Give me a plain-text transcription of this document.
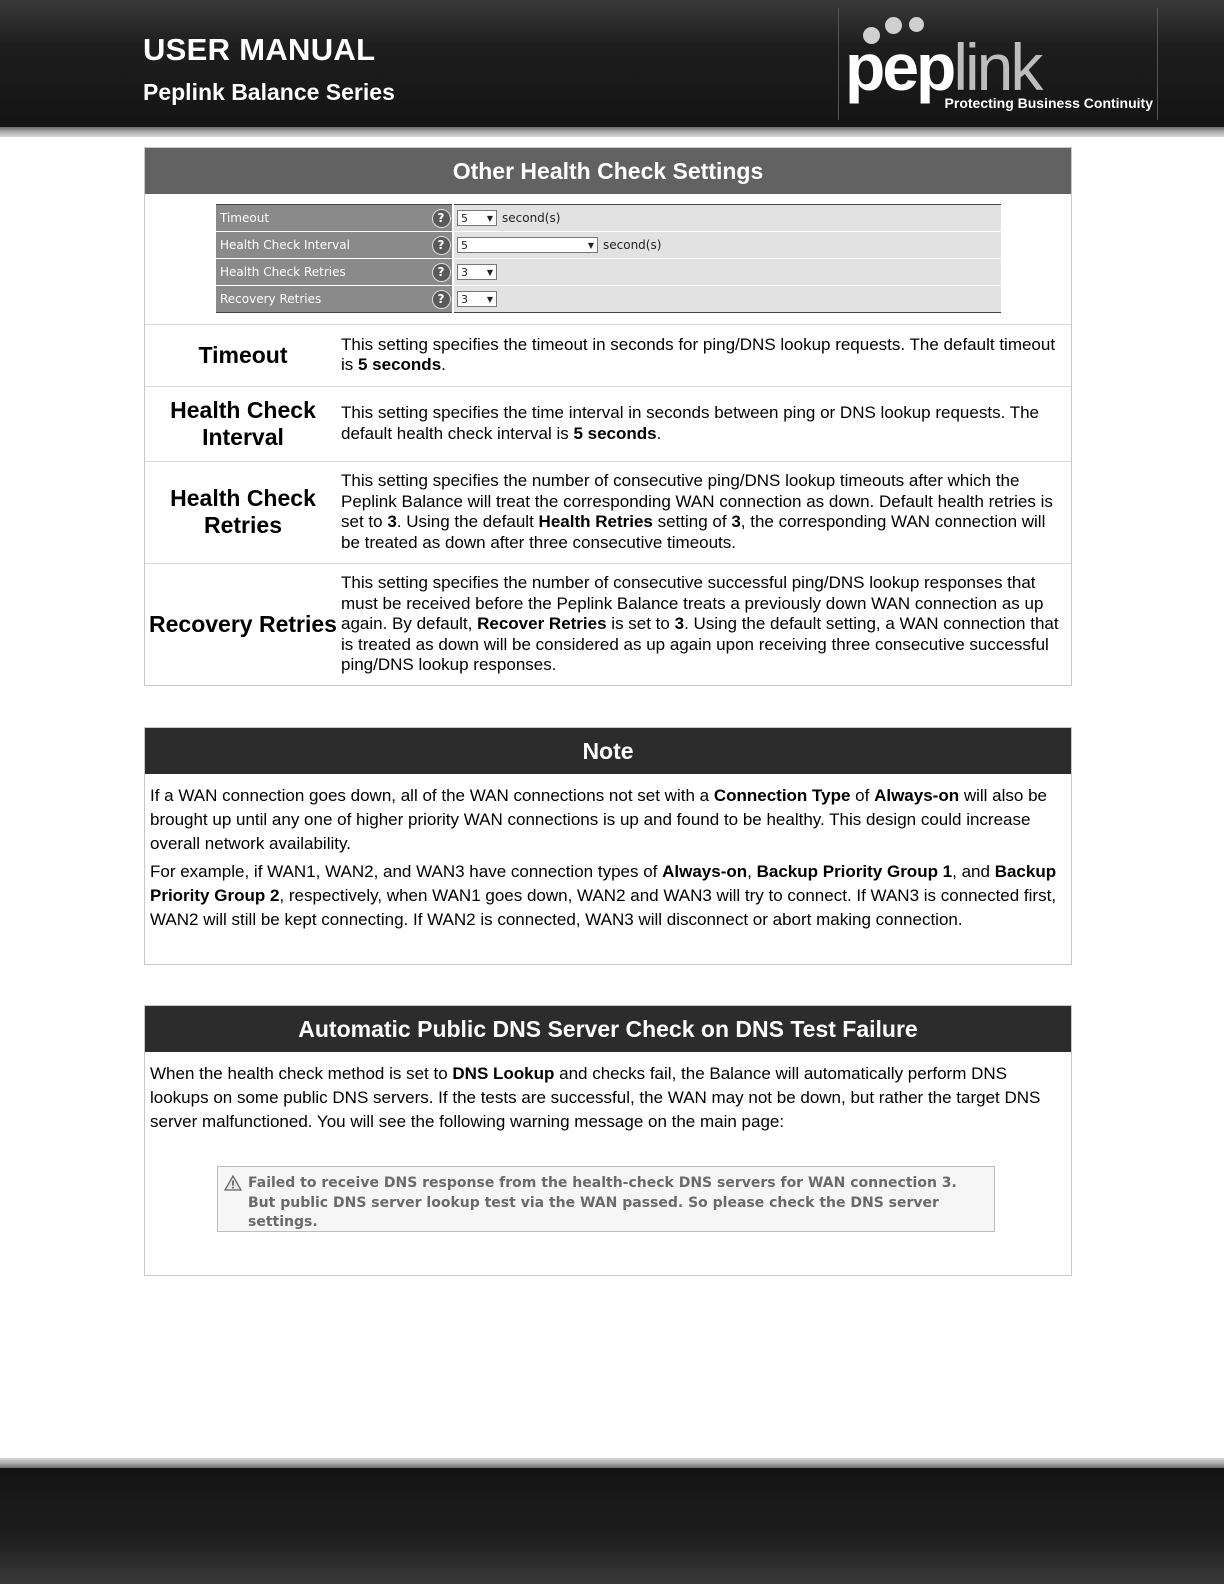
USER MANUAL
Peplink Balance Series	peplink
Protecting Business Continuity
Other Health Check Settings
Timeout	?	5 ▼ second(s)
Health Check Interval	?	5 ▼ second(s)
Health Check Retries	?	3 ▼

Recovery Retries	?	3 ▼
Timeout	This setting specifies the timeout in seconds for ping/DNS lookup requests. The default timeout is 5 seconds.
Health Check Interval	This setting specifies the time interval in seconds between ping or DNS lookup requests. The default health check interval is 5 seconds.
Health Check Retries	This setting specifies the number of consecutive ping/DNS lookup timeouts after which the Peplink Balance will treat the corresponding WAN connection as down. Default health retries is set to 3. Using the default Health Retries setting of 3, the corresponding WAN connection will be treated as down after three consecutive timeouts.
Recovery Retries	This setting specifies the number of consecutive successful ping/DNS lookup responses that must be received before the Peplink Balance treats a previously down WAN connection as up again. By default, Recover Retries is set to 3. Using the default setting, a WAN connection that is treated as down will be considered as up again upon receiving three consecutive successful ping/DNS lookup responses.
Note

If a WAN connection goes down, all of the WAN connections not set with a Connection Type of Always-on will also be brought up until any one of higher priority WAN connections is up and found to be healthy. This design could increase overall network availability.

For example, if WAN1, WAN2, and WAN3 have connection types of Always-on, Backup Priority Group 1, and Backup Priority Group 2, respectively, when WAN1 goes down, WAN2 and WAN3 will try to connect. If WAN3 is connected first, WAN2 will still be kept connecting. If WAN2 is connected, WAN3 will disconnect or abort making connection.

Automatic Public DNS Server Check on DNS Test Failure

When the health check method is set to DNS Lookup and checks fail, the Balance will automatically perform DNS lookups on some public DNS servers. If the tests are successful, the WAN may not be down, but rather the target DNS server malfunctioned. You will see the following warning message on the main page:

Failed to receive DNS response from the health-check DNS servers for WAN connection 3. But public DNS server lookup test via the WAN passed. So please check the DNS server settings.
